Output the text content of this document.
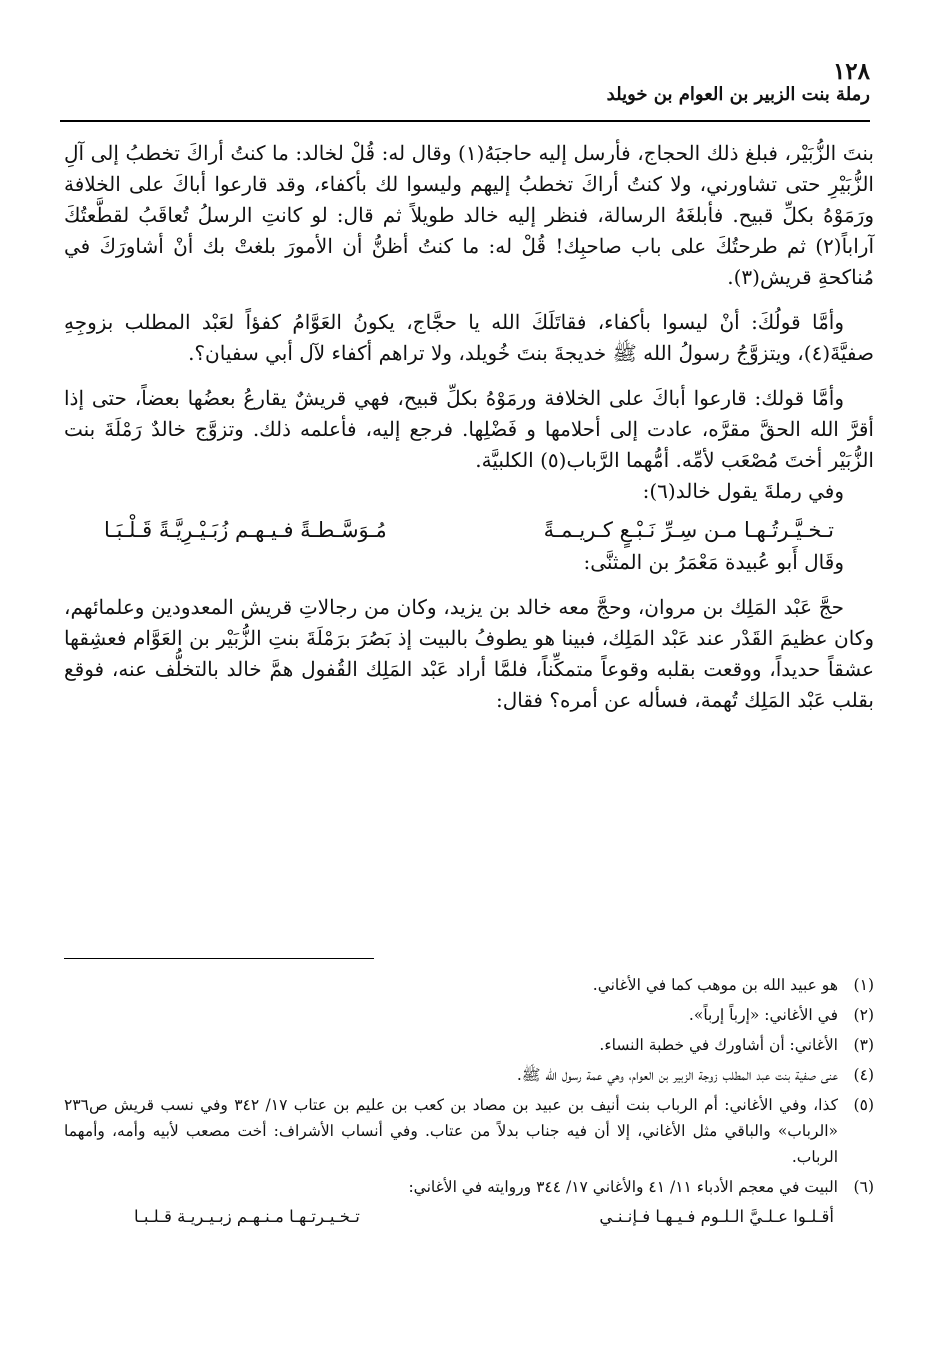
١٢٨
رملة بنت الزبير بن العوام بن خويلد

بنتَ الزُّبَيْر، فبلغ ذلك الحجاج، فأرسل إليه حاجبَهُ(١) وقال له: قُلْ لخالد: ما كنتُ أراكَ تخطبُ إلى آلِ الزُّبَيْرِ حتى تشاورني، ولا كنتُ أراكَ تخطبُ إليهم وليسوا لك بأكفاء، وقد قارعوا أباكَ على الخلافة ورَمَوْهُ بكلِّ قبيح. فأبلغَهُ الرسالة، فنظر إليه خالد طويلاً ثم قال: لو كانتِ الرسلُ تُعاقَبُ لقطَّعتُكَ آراباً(٢) ثم طرحتُكَ على باب صاحبِك! قُلْ له: ما كنتُ أظنُّ أن الأمورَ بلغتْ بك أنْ أشاورَكَ في مُناكحةِ قريش(٣).

وأمَّا قولُكَ: أنْ ليسوا بأكفاء، فقاتَلَكَ الله يا حجَّاج، يكونُ العَوَّامُ كفؤاً لعَبْد المطلب بزوجِهِ صفيَّةَ(٤)، ويتزوَّجُ رسولُ الله ﷺ خديجةَ بنتَ خُويلد، ولا تراهم أكفاء لآل أبي سفيان؟.

وأمَّا قولك: قارعوا أباكَ على الخلافة ورمَوْهُ بكلِّ قبيح، فهي قريشٌ يقارعُ بعضُها بعضاً، حتى إذا أقرَّ الله الحقَّ مقرَّه، عادت إلى أحلامها و فَضْلِها. فرجع إليه، فأعلمه ذلك. وتزوَّج خالدٌ رَمْلَةَ بنت الزُّبَيْر أختَ مُصْعَب لأمِّه. أمُّهما الرَّباب(٥) الكلبيَّة.

وفي رملةَ يقول خالد(٦):

تـخـيَّـرتُـهـا مـن سِـرِّ نَـبْـعٍ كـريـمـةً
مُـوَسَّـطـةً فـيـهـم زُبَـيْـرِيَّـةً قَـلْـبَـا

وقَال أَبو عُبيدة مَعْمَرُ بن المثنَّى:

حجَّ عَبْد المَلِك بن مروان، وحجَّ معه خالد بن يزيد، وكان من رجالاتِ قريش المعدودين وعلمائهم، وكان عظيمَ القَدْر عند عَبْد المَلِك، فبينا هو يطوفُ بالبيت إذ بَصُرَ برَمْلَةَ بنتِ الزُّبَيْر بن العَوَّام فعشِقها عشقاً حديداً، ووقعت بقلبه وقوعاً متمكِّناً، فلمَّا أراد عَبْد المَلِك القُفول همَّ خالد بالتخلُّف عنه، فوقع بقلب عَبْد المَلِك تُهمة، فسأله عن أمره؟ فقال:

(١)
هو عبيد الله بن موهب كما في الأغاني.
(٢)
في الأغاني: «إرباً إرباً».
(٣)
الأغاني: أن أشاورك في خطبة النساء.
(٤)
عنى صفية بنت عبد المطلب زوجة الزبير بن العوام، وهي عمة رسول الله ﷺ.
(٥)
كذا، وفي الأغاني: أم الرباب بنت أنيف بن عبيد بن مصاد بن كعب بن عليم بن عتاب ١٧/ ٣٤٢ وفي نسب قريش ص٢٣٦ «الرباب» والباقي مثل الأغاني، إلا أن فيه جناب بدلاً من عتاب. وفي أنساب الأشراف: أخت مصعب لأبيه وأمه، وأمهما الرباب.
(٦)
البيت في معجم الأدباء ١١/ ٤١ والأغاني ١٧/ ٣٤٤ وروايته في الأغاني:
أقـلـوا عـلـيَّ الـلـوم فـيـهـا فـإنـنـي
تـخـيـرتـهـا مـنـهـم زبـيـريـة قـلـبـا
